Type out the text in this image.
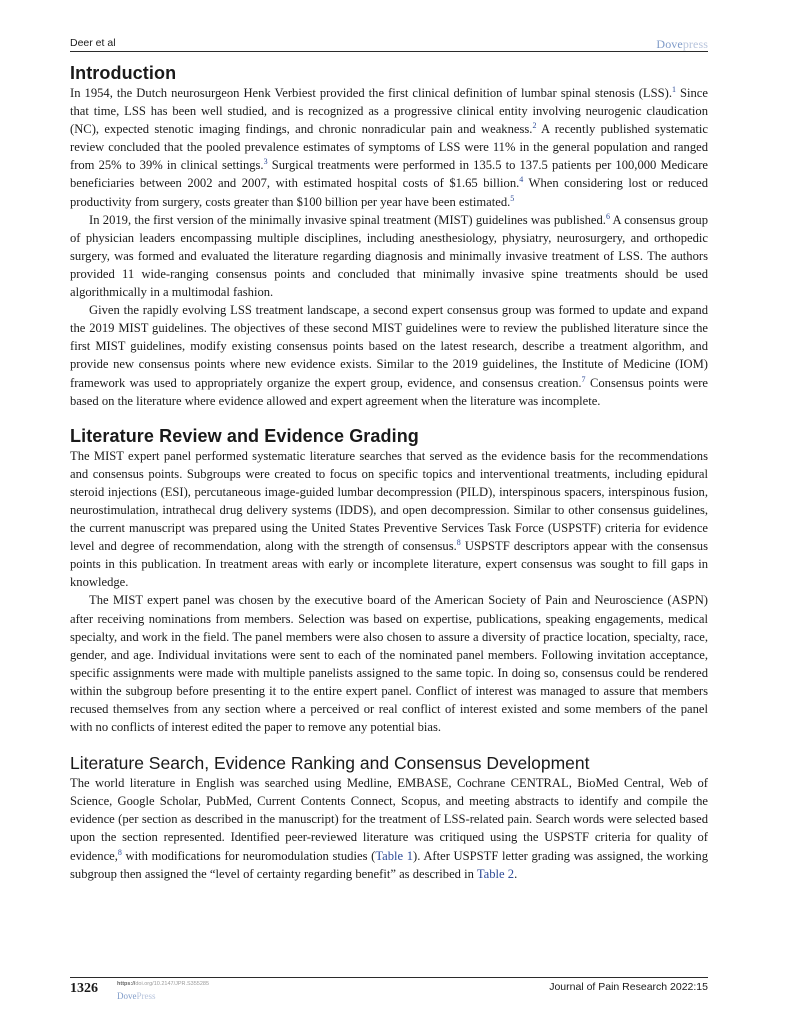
Deer et al	Dovepress
Introduction

In 1954, the Dutch neurosurgeon Henk Verbiest provided the first clinical definition of lumbar spinal stenosis (LSS).$^1$ Since that time, LSS has been well studied, and is recognized as a progressive clinical entity involving neurogenic claudication (NC), expected stenotic imaging findings, and chronic nonradicular pain and weakness.$^2$ A recently published systematic review concluded that the pooled prevalence estimates of symptoms of LSS were 11% in the general population and ranged from 25% to 39% in clinical settings.$^3$ Surgical treatments were performed in 135.5 to 137.5 patients per 100,000 Medicare beneficiaries between 2002 and 2007, with estimated hospital costs of $1.65 billion.$^4$ When considering lost or reduced productivity from surgery, costs greater than $100 billion per year have been estimated.$^5$

In 2019, the first version of the minimally invasive spinal treatment (MIST) guidelines was published.$^6$ A consensus group of physician leaders encompassing multiple disciplines, including anesthesiology, physiatry, neurosurgery, and orthopedic surgery, was formed and evaluated the literature regarding diagnosis and minimally invasive treatment of LSS. The authors provided 11 wide-ranging consensus points and concluded that minimally invasive spine treatments should be used algorithmically in a multimodal fashion.

Given the rapidly evolving LSS treatment landscape, a second expert consensus group was formed to update and expand the 2019 MIST guidelines. The objectives of these second MIST guidelines were to review the published literature since the first MIST guidelines, modify existing consensus points based on the latest research, describe a treatment algorithm, and provide new consensus points where new evidence exists. Similar to the 2019 guidelines, the Institute of Medicine (IOM) framework was used to appropriately organize the expert group, evidence, and consensus creation.$^7$ Consensus points were based on the literature where evidence allowed and expert agreement when the literature was incomplete.

Literature Review and Evidence Grading

The MIST expert panel performed systematic literature searches that served as the evidence basis for the recommendations and consensus points. Subgroups were created to focus on specific topics and interventional treatments, including epidural steroid injections (ESI), percutaneous image-guided lumbar decompression (PILD), interspinous spacers, interspinous fusion, neurostimulation, intrathecal drug delivery systems (IDDS), and open decompression. Similar to other consensus guidelines, the current manuscript was prepared using the United States Preventive Services Task Force (USPSTF) criteria for evidence level and degree of recommendation, along with the strength of consensus.$^8$ USPSTF descriptors appear with the consensus points in this publication. In treatment areas with early or incomplete literature, expert consensus was sought to fill gaps in knowledge.

The MIST expert panel was chosen by the executive board of the American Society of Pain and Neuroscience (ASPN) after receiving nominations from members. Selection was based on expertise, publications, speaking engagements, medical specialty, and work in the field. The panel members were also chosen to assure a diversity of practice location, specialty, race, gender, and age. Individual invitations were sent to each of the nominated panel members. Following invitation acceptance, specific assignments were made with multiple panelists assigned to the same topic. In doing so, consensus could be rendered within the subgroup before presenting it to the entire expert panel. Conflict of interest was managed to assure that members recused themselves from any section where a perceived or real conflict of interest existed and some members of the panel with no conflicts of interest edited the paper to remove any potential bias.

Literature Search, Evidence Ranking and Consensus Development

The world literature in English was searched using Medline, EMBASE, Cochrane CENTRAL, BioMed Central, Web of Science, Google Scholar, PubMed, Current Contents Connect, Scopus, and meeting abstracts to identify and compile the evidence (per section as described in the manuscript) for the treatment of LSS-related pain. Search words were selected based upon the section represented. Identified peer-reviewed literature was critiqued using the USPSTF criteria for quality of evidence,$^8$ with modifications for neuromodulation studies (Table 1). After USPSTF letter grading was assigned, the working subgroup then assigned the “level of certainty regarding benefit” as described in Table 2.

1326	https://doi.org/10.2147/JPR.S355285
DovePress
Journal of Pain Research 2022:15
